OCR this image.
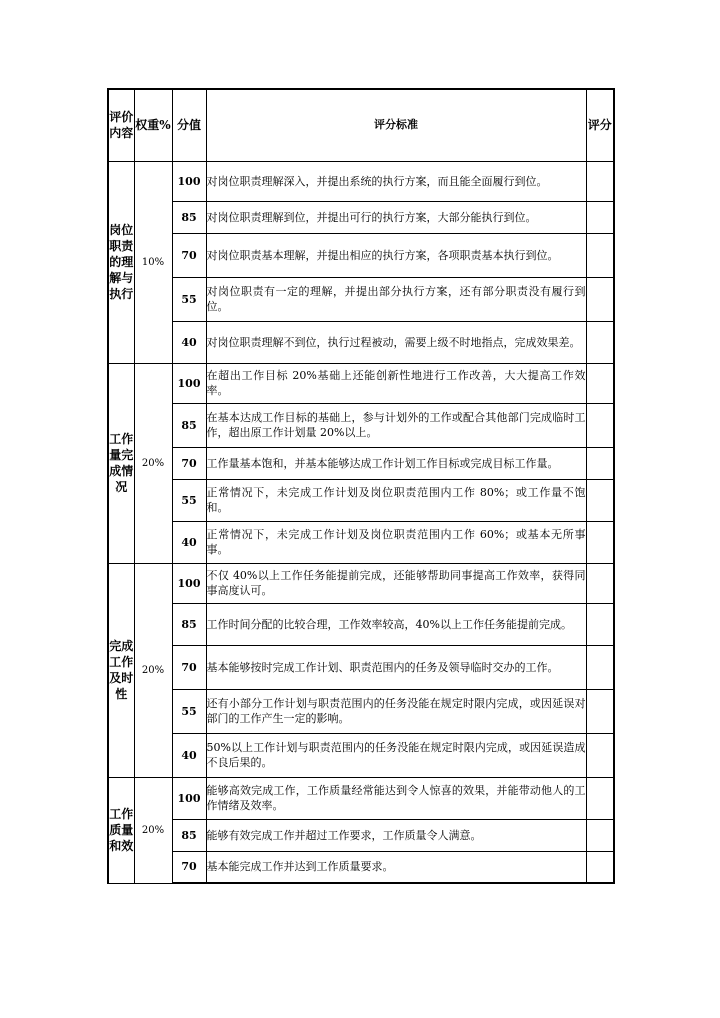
评价内容	权重%	分值	评分标准	评分
岗位职责的理解与执行	10%	100	对岗位职责理解深入，并提出系统的执行方案，而且能全面履行到位。	
		85	对岗位职责理解到位，并提出可行的执行方案，大部分能执行到位。	
		70	对岗位职责基本理解，并提出相应的执行方案，各项职责基本执行到位。	
		55	对岗位职责有一定的理解，并提出部分执行方案，还有部分职责没有履行到位。	
		40	对岗位职责理解不到位，执行过程被动，需要上级不时地指点，完成效果差。	
工作量完成情况	20%	100	在超出工作目标 20%基础上还能创新性地进行工作改善，大大提高工作效率。	
		85	在基本达成工作目标的基础上，参与计划外的工作或配合其他部门完成临时工作，超出原工作计划量 20%以上。	
		70	工作量基本饱和，并基本能够达成工作计划工作目标或完成目标工作量。	
		55	正常情况下，未完成工作计划及岗位职责范围内工作 80%；或工作量不饱和。	
		40	正常情况下，未完成工作计划及岗位职责范围内工作 60%；或基本无所事事。	
完成工作及时性	20%	100	不仅 40%以上工作任务能提前完成，还能够帮助同事提高工作效率，获得同事高度认可。	
		85	工作时间分配的比较合理，工作效率较高，40%以上工作任务能提前完成。	
		70	基本能够按时完成工作计划、职责范围内的任务及领导临时交办的工作。	
		55	还有小部分工作计划与职责范围内的任务没能在规定时限内完成，或因延误对部门的工作产生一定的影响。	
		40	50%以上工作计划与职责范围内的任务没能在规定时限内完成，或因延误造成不良后果的。	
工作质量和效	20%	100	能够高效完成工作，工作质量经常能达到令人惊喜的效果，并能带动他人的工作情绪及效率。	
		85	能够有效完成工作并超过工作要求，工作质量令人满意。	
		70	基本能完成工作并达到工作质量要求。	
